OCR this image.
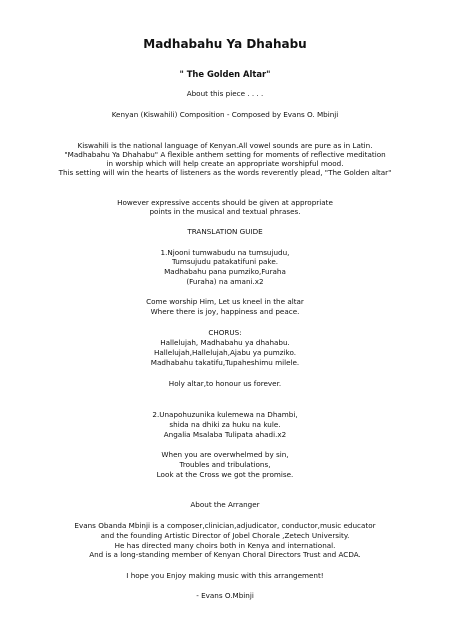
Madhabahu Ya Dhahabu
" The Golden Altar"
About this piece . . . .
Kenyan (Kiswahili) Composition - Composed by Evans O. Mbinji
Kiswahili is the national language of Kenyan.All vowel sounds are pure as in Latin.
"Madhabahu Ya Dhahabu" A flexible anthem setting for moments of reflective meditation
in worship which will help create an appropriate worshipful mood.
This setting will win the hearts of listeners as the words reverently plead, "The Golden altar"
However expressive accents should be given at appropriate
points in the musical and textual phrases.
TRANSLATION GUIDE
1.Njooni tumwabudu na tumsujudu,
Tumsujudu patakatifuni pake.
Madhabahu pana pumziko,Furaha
(Furaha) na amani.x2
Come worship Him, Let us kneel in the altar
Where there is joy, happiness and peace.
CHORUS:
Hallelujah, Madhabahu ya dhahabu.
Hallelujah,Hallelujah,Ajabu ya pumziko.
Madhabahu takatifu,Tupaheshimu milele.
Holy altar,to honour us forever.
2.Unapohuzunika kulemewa na Dhambi,
shida na dhiki za huku na kule.
Angalia Msalaba Tulipata ahadi.x2
When you are overwhelmed by sin,
Troubles and tribulations,
Look at the Cross we got the promise.
About the Arranger
Evans Obanda Mbinji is a composer,clinician,adjudicator, conductor,music educator
and the founding Artistic Director of Jobel Chorale ,Zetech University.
He has directed many choirs both in Kenya and international.
And is a long-standing member of Kenyan Choral Directors Trust and ACDA.
I hope you Enjoy making music with this arrangement!
- Evans O.Mbinji
